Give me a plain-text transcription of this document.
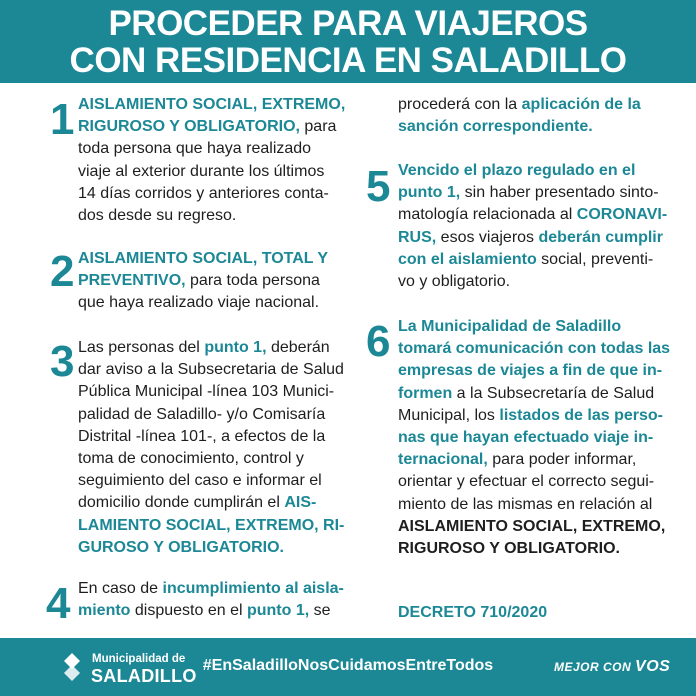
PROCEDER PARA VIAJEROS
CON RESIDENCIA EN SALADILLO
1 AISLAMIENTO SOCIAL, EXTREMO,
RIGUROSO Y OBLIGATORIO, para
toda persona que haya realizado
viaje al exterior durante los últimos
14 días corridos y anteriores conta-
dos desde su regreso.
2 AISLAMIENTO SOCIAL, TOTAL Y
PREVENTIVO, para toda persona
que haya realizado viaje nacional.
3 Las personas del punto 1, deberán
dar aviso a la Subsecretaria de Salud
Pública Municipal -línea 103 Munici-
palidad de Saladillo- y/o Comisaría
Distrital -línea 101-, a efectos de la
toma de conocimiento, control y
seguimiento del caso e informar el
domicilio donde cumplirán el AIS-
LAMIENTO SOCIAL, EXTREMO, RI-
GUROSO Y OBLIGATORIO.
4 En caso de incumplimiento al aisla-
miento dispuesto en el punto 1, se
procederá con la aplicación de la
sanción correspondiente.
5 Vencido el plazo regulado en el
punto 1, sin haber presentado sinto-
matología relacionada al CORONAVI-
RUS, esos viajeros deberán cumplir
con el aislamiento social, preventi-
vo y obligatorio.
6 La Municipalidad de Saladillo
tomará comunicación con todas las
empresas de viajes a fin de que in-
formen a la Subsecretaría de Salud
Municipal, los listados de las perso-
nas que hayan efectuado viaje in-
ternacional, para poder informar,
orientar y efectuar el correcto segui-
miento de las mismas en relación al
AISLAMIENTO SOCIAL, EXTREMO,
RIGUROSO Y OBLIGATORIO.
DECRETO 710/2020
Municipalidad de
SALADILLO
#EnSaladilloNosCuidamosEntreTodos	MEJOR CON VOS
